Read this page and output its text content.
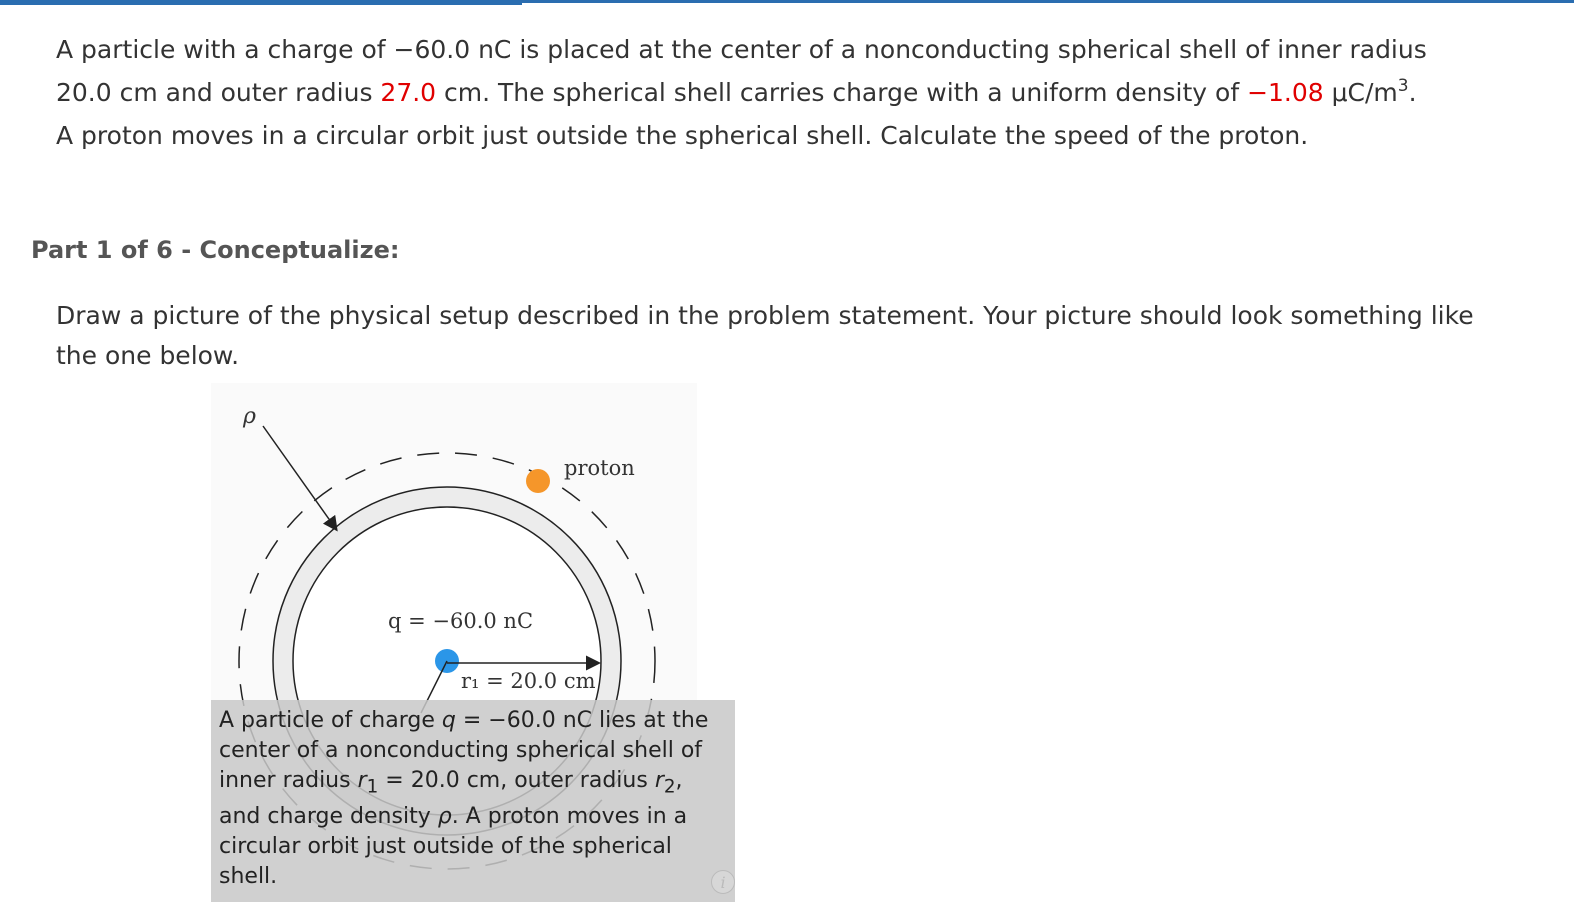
A particle with a charge of −60.0 nC is placed at the center of a nonconducting spherical shell of inner radius
20.0 cm and outer radius 27.0 cm. The spherical shell carries charge with a uniform density of −1.08 $\mu C/m^3$.
A proton moves in a circular orbit just outside the spherical shell. Calculate the speed of the proton.
Part 1 of 6 - Conceptualize:
Draw a picture of the physical setup described in the problem statement. Your picture should look something like the one below.
ρ
proton
q = −60.0 nC
r₁ = 20.0 cm
A particle of charge q = −60.0 nC lies at the center of a nonconducting spherical shell of inner radius $r_1 = 20.0$ cm, outer radius $r_2$, and charge density ρ. A proton moves in a circular orbit just outside of the spherical shell.	i
